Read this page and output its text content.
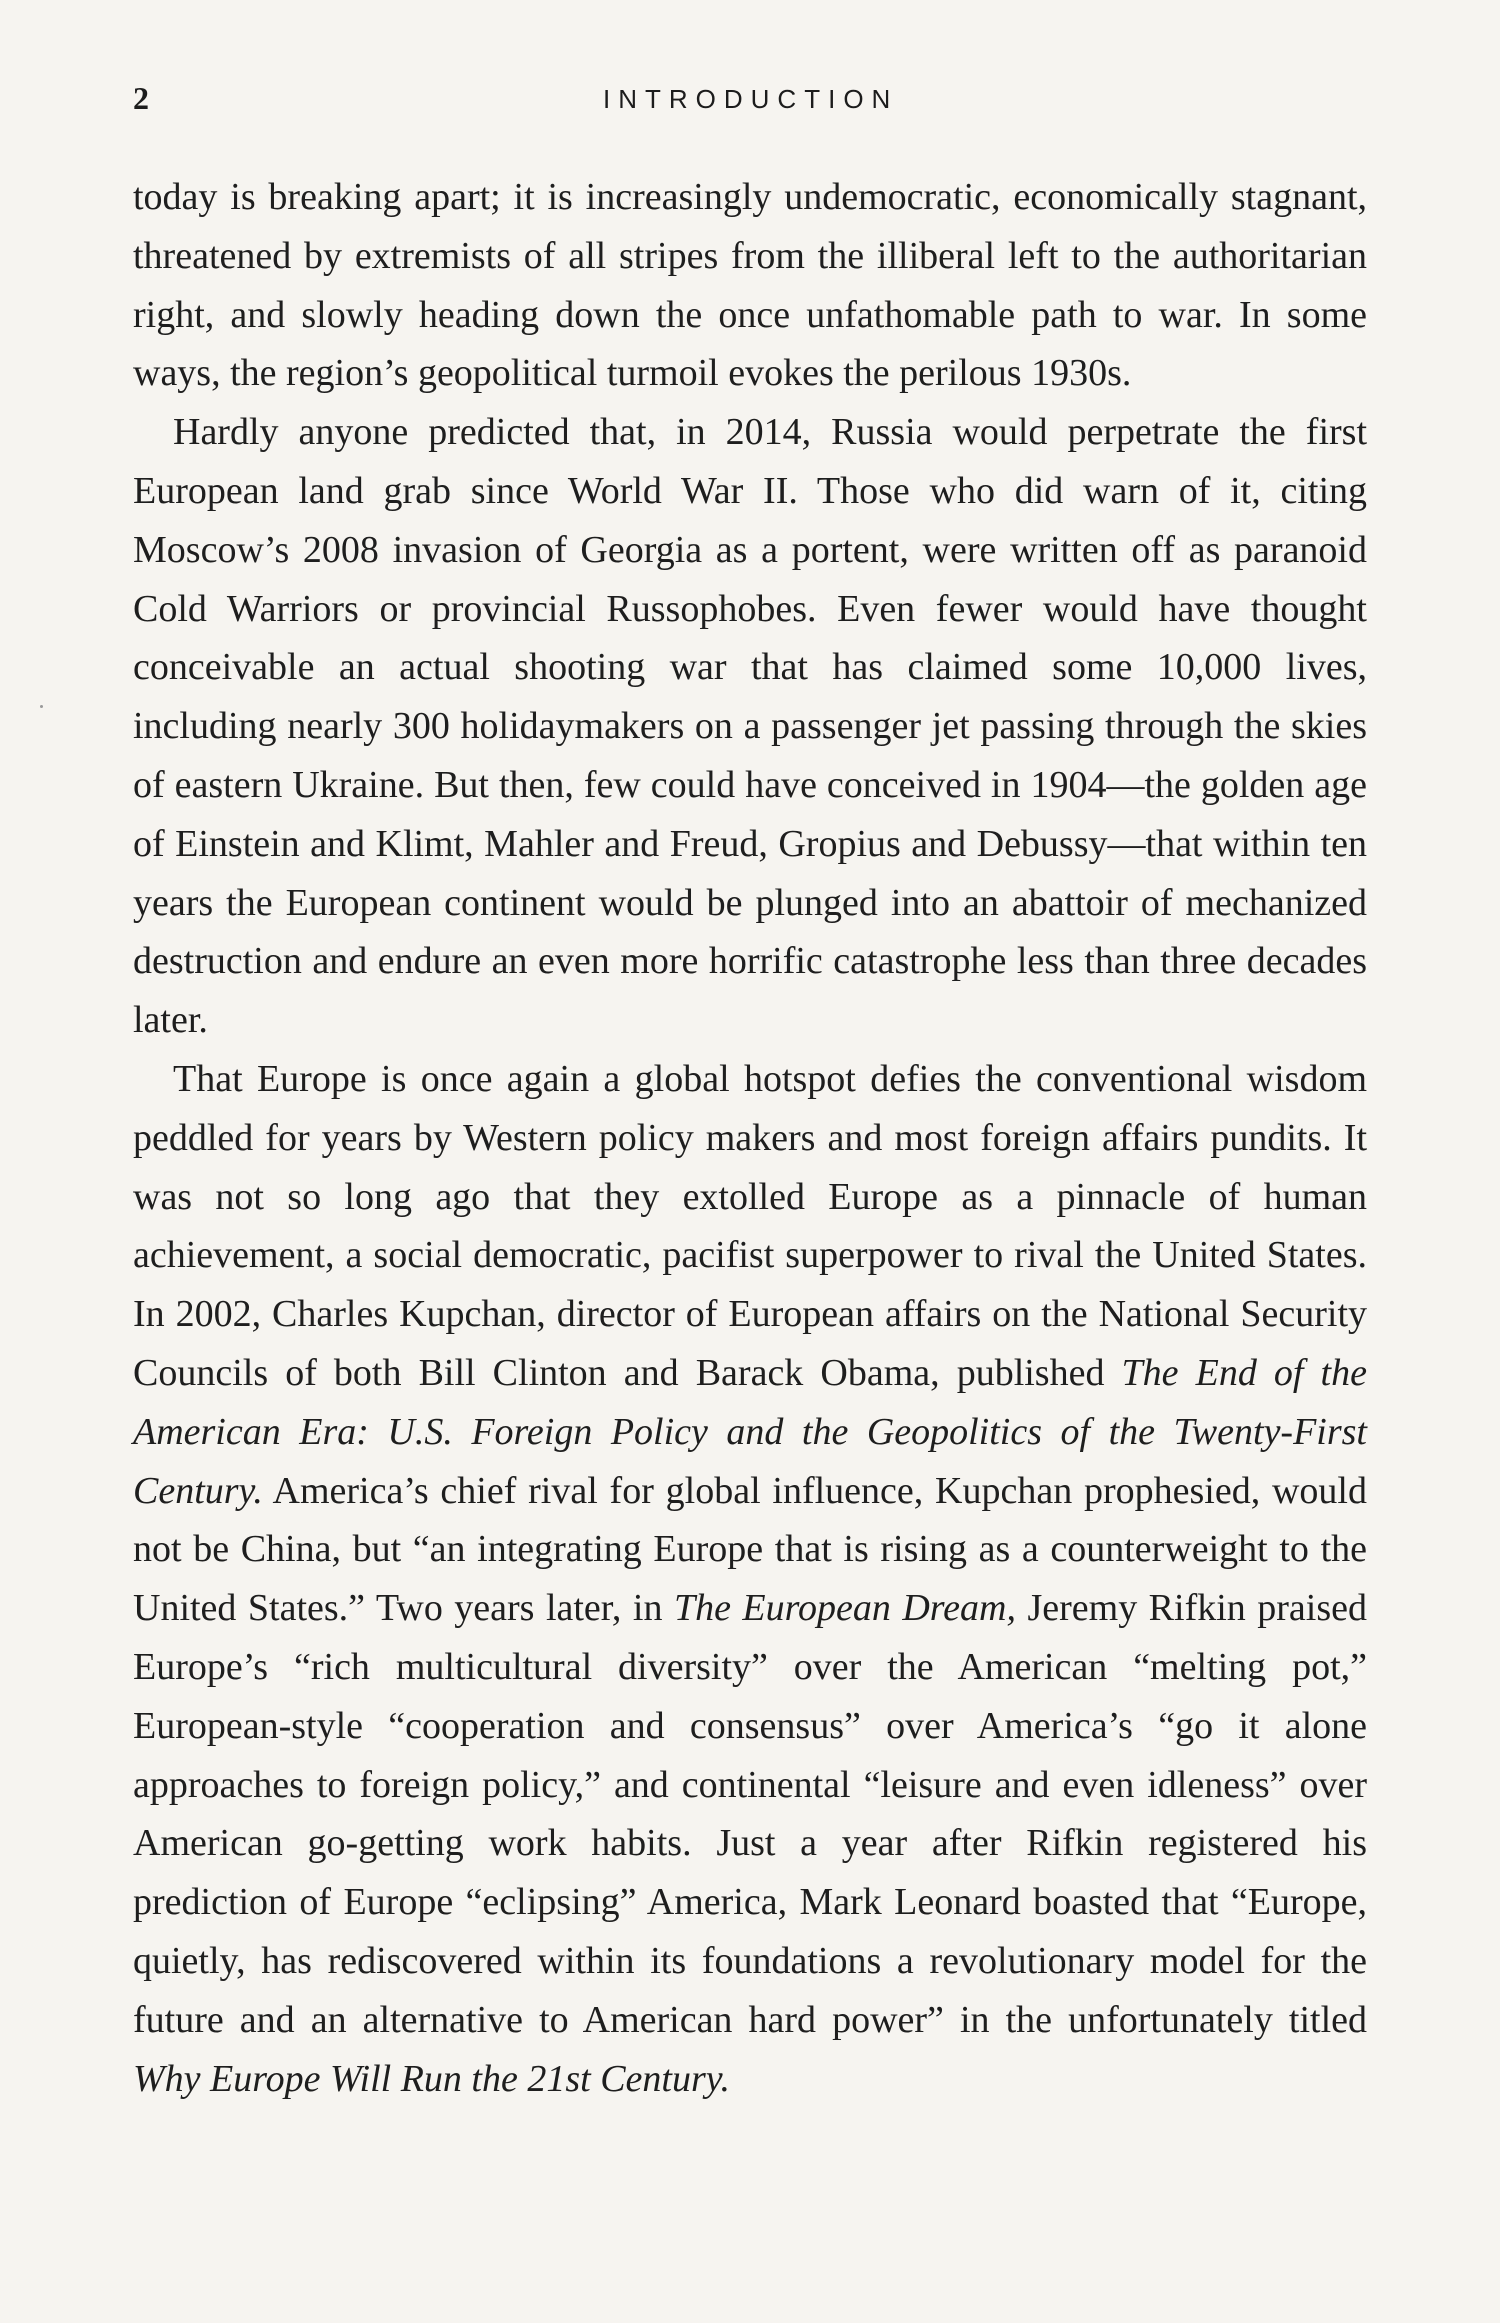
2	INTRODUCTION

today is breaking apart; it is increasingly undemocratic, economically stagnant, threatened by extremists of all stripes from the illiberal left to the authoritarian right, and slowly heading down the once unfathomable path to war. In some ways, the region’s geopolitical turmoil evokes the perilous 1930s.

Hardly anyone predicted that, in 2014, Russia would perpetrate the first European land grab since World War II. Those who did warn of it, citing Moscow’s 2008 invasion of Georgia as a portent, were written off as paranoid Cold Warriors or provincial Russophobes. Even fewer would have thought conceivable an actual shooting war that has claimed some 10,000 lives, including nearly 300 holidaymakers on a passenger jet passing through the skies of eastern Ukraine. But then, few could have conceived in 1904—the golden age of Einstein and Klimt, Mahler and Freud, Gropius and Debussy—that within ten years the European continent would be plunged into an abattoir of mechanized destruction and endure an even more horrific catastrophe less than three decades later.

That Europe is once again a global hotspot defies the conventional wisdom peddled for years by Western policy makers and most foreign affairs pundits. It was not so long ago that they extolled Europe as a pinnacle of human achievement, a social democratic, pacifist superpower to rival the United States. In 2002, Charles Kupchan, director of European affairs on the National Security Councils of both Bill Clinton and Barack Obama, published The End of the American Era: U.S. Foreign Policy and the Geopolitics of the Twenty-First Century. America’s chief rival for global influence, Kupchan prophesied, would not be China, but “an integrating Europe that is rising as a counterweight to the United States.” Two years later, in The European Dream, Jeremy Rifkin praised Europe’s “rich multicultural diversity” over the American “melting pot,” European-style “cooperation and consensus” over America’s “go it alone approaches to foreign policy,” and continental “leisure and even idleness” over American go-getting work habits. Just a year after Rifkin registered his prediction of Europe “eclipsing” America, Mark Leonard boasted that “Europe, quietly, has rediscovered within its foundations a revolutionary model for the future and an alternative to American hard power” in the unfortunately titled Why Europe Will Run the 21st Century.
